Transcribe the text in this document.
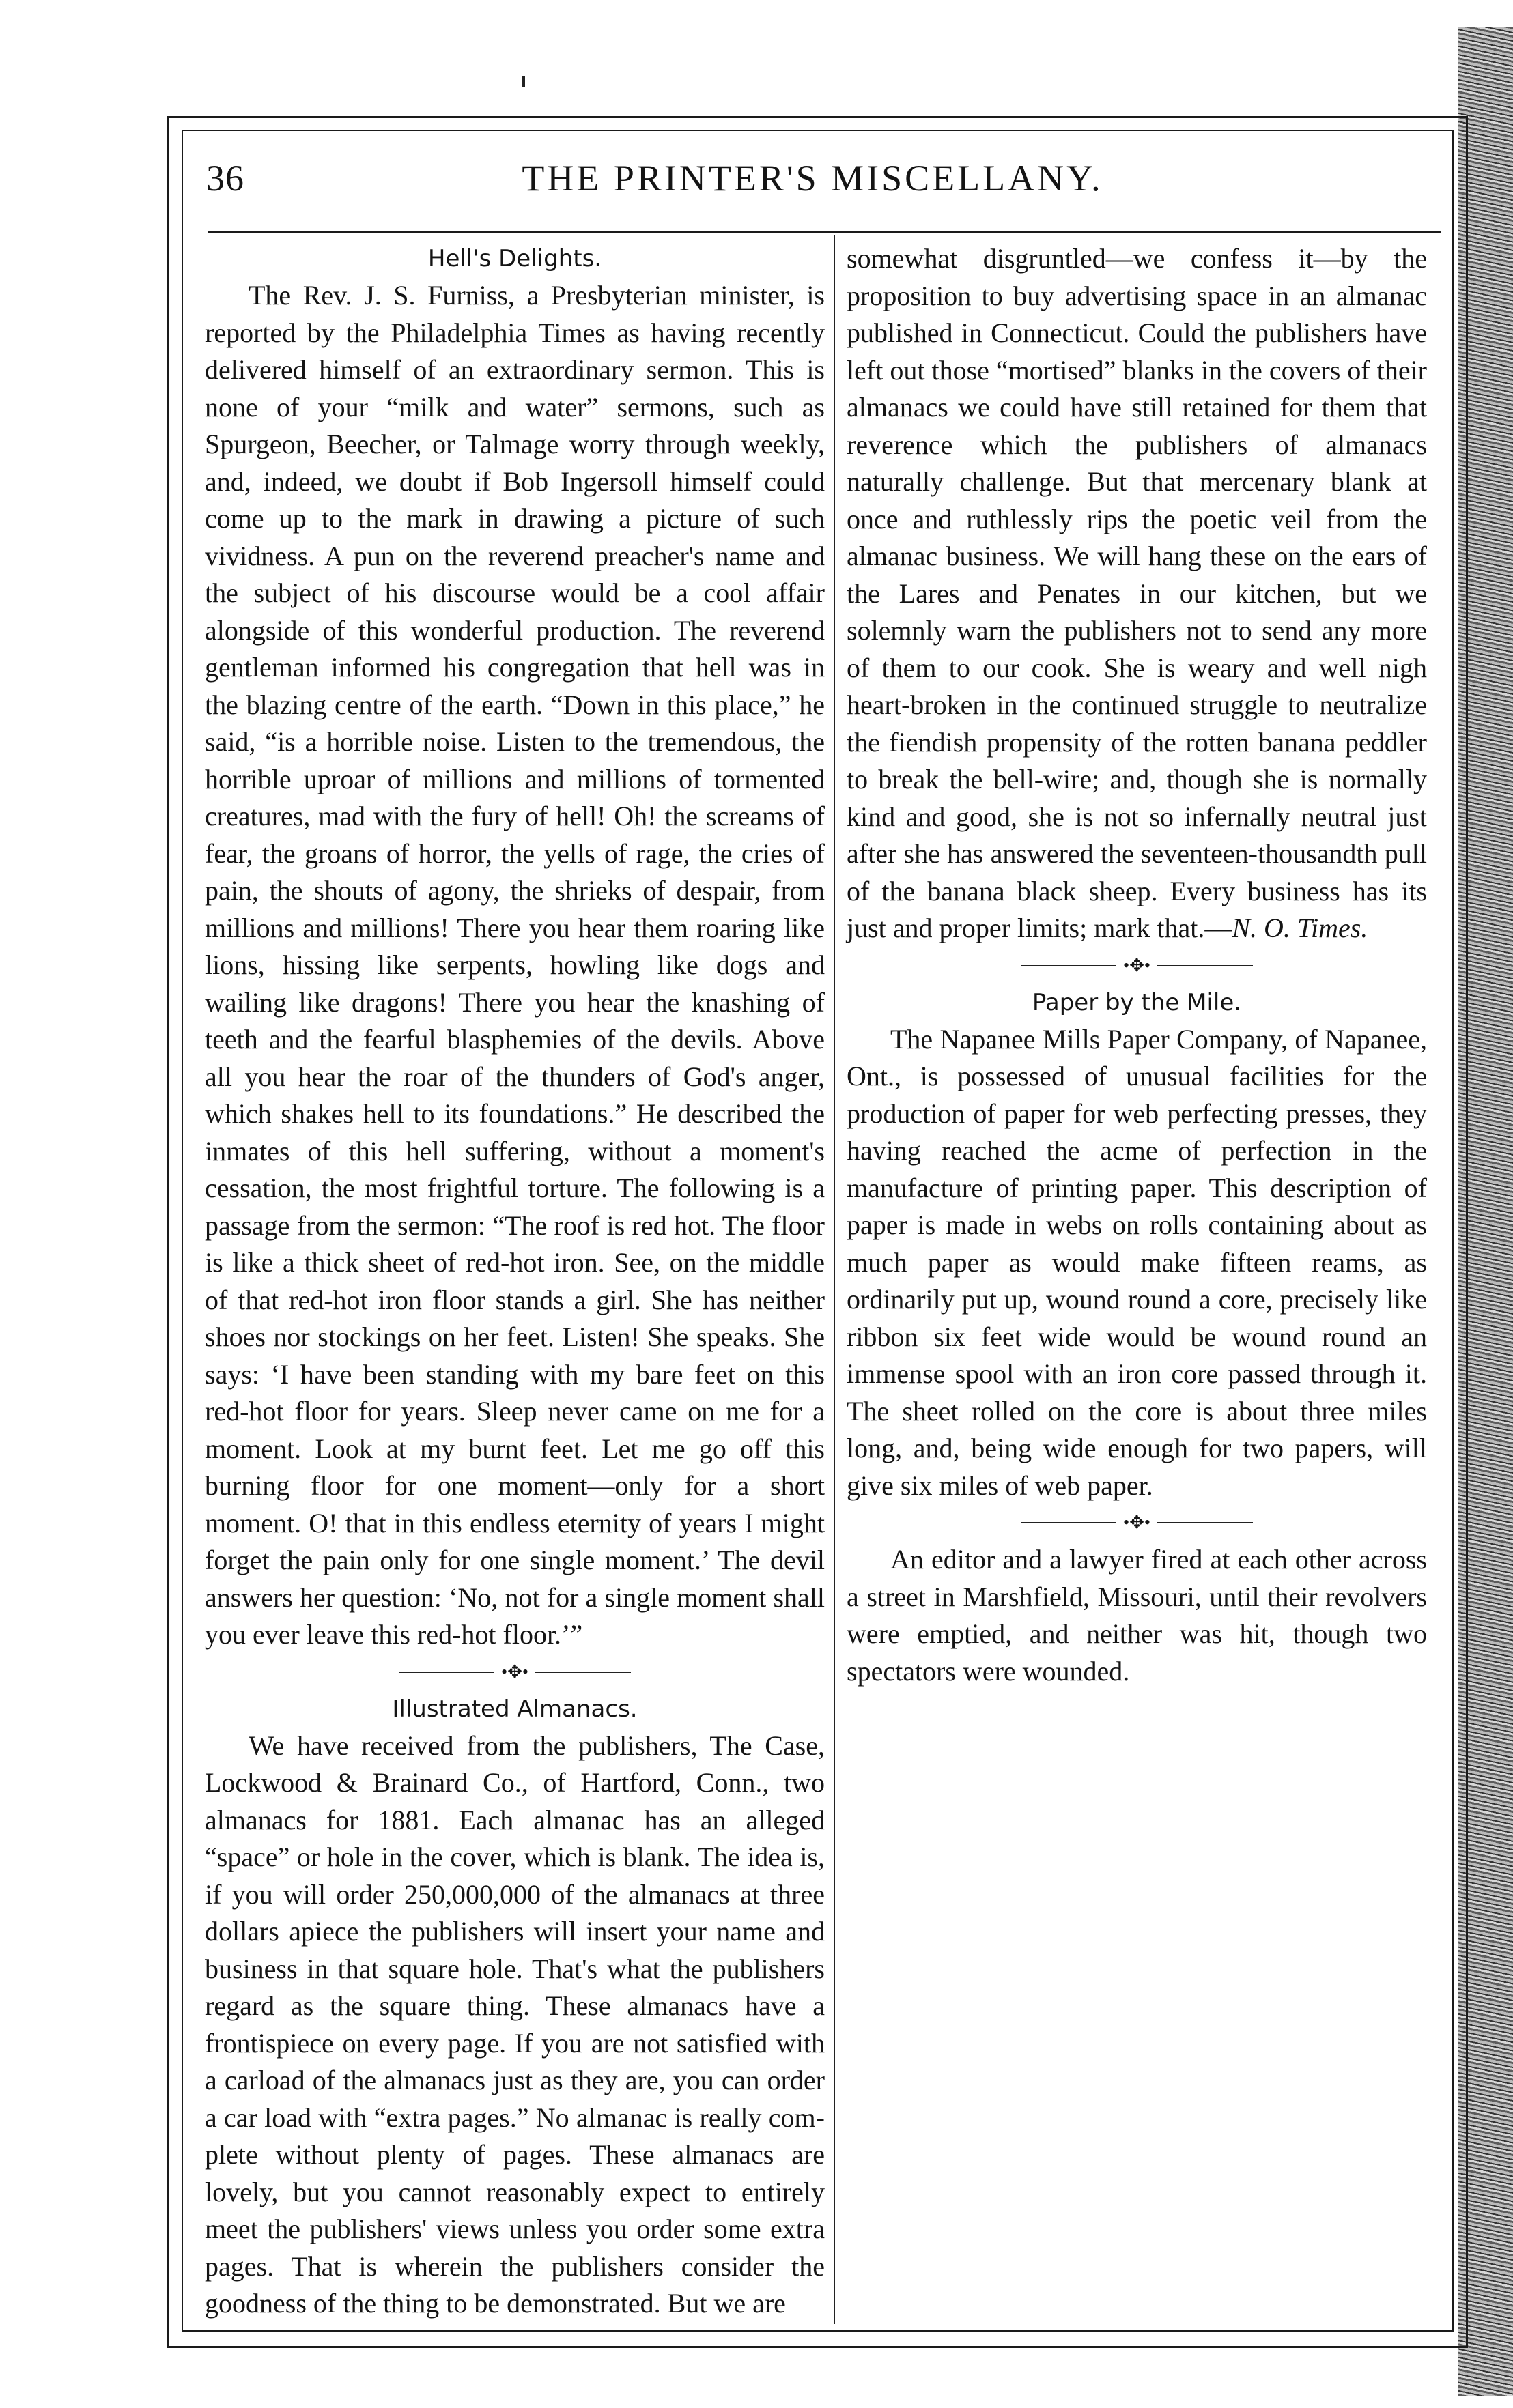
36	THE PRINTER'S MISCELLANY.
Hell's Delights.

The Rev. J. S. Furniss, a Presbyterian minister, is reported by the Philadelphia Times as having recently delivered himself of an extraordinary sermon. This is none of your “milk and water” sermons, such as Spurgeon, Beecher, or Talmage worry through weekly, and, indeed, we doubt if Bob Ingersoll himself could come up to the mark in drawing a picture of such vividness. A pun on the reverend preacher's name and the subject of his discourse would be a cool affair alongside of this wonderful production. The reverend gentleman informed his congregation that hell was in the blazing centre of the earth. “Down in this place,” he said, “is a horrible noise. Listen to the tremendous, the horrible uproar of millions and millions of tormented creatures, mad with the fury of hell! Oh! the screams of fear, the groans of horror, the yells of rage, the cries of pain, the shouts of agony, the shrieks of despair, from millions and millions! There you hear them roaring like lions, hissing like serpents, howling like dogs and wailing like dragons! There you hear the knashing of teeth and the fearful blasphemies of the devils. Above all you hear the roar of the thunders of God's anger, which shakes hell to its foundations.” He described the inmates of this hell suffering, without a moment's cessation, the most frightful torture. The following is a passage from the sermon: “The roof is red hot. The floor is like a thick sheet of red-hot iron. See, on the middle of that red-hot iron floor stands a girl. She has neither shoes nor stockings on her feet. Listen! She speaks. She says: ‘I have been standing with my bare feet on this red-hot floor for years. Sleep never came on me for a moment. Look at my burnt feet. Let me go off this burning floor for one moment—only for a short moment. O! that in this endless eternity of years I might forget the pain only for one single moment.’ The devil answers her question: ‘No, not for a single moment shall you ever leave this red-hot floor.’”

•✥•
Illustrated Almanacs.

We have received from the publishers, The Case, Lockwood & Brainard Co., of Hartford, Conn., two almanacs for 1881. Each almanac has an alleged “space” or hole in the cover, which is blank. The idea is, if you will order 250,000,000 of the almanacs at three dollars apiece the publishers will insert your name and business in that square hole. That's what the publishers regard as the square thing. These almanacs have a frontispiece on every page. If you are not satisfied with a carload of the almanacs just as they are, you can order a car load with “extra pages.” No almanac is really complete without plenty of pages. These almanacs are lovely, but you cannot reasonably expect to entirely meet the publishers' views unless you order some extra pages. That is wherein the publishers consider the goodness of the thing to be demonstrated. But we are

somewhat disgruntled—we confess it—by the proposition to buy advertising space in an almanac published in Connecticut. Could the publishers have left out those “mortised” blanks in the covers of their almanacs we could have still retained for them that reverence which the publishers of almanacs naturally challenge. But that mercenary blank at once and ruthlessly rips the poetic veil from the almanac business. We will hang these on the ears of the Lares and Penates in our kitchen, but we solemnly warn the publishers not to send any more of them to our cook. She is weary and well nigh heart-broken in the continued struggle to neutralize the fiendish propensity of the rotten banana peddler to break the bell-wire; and, though she is normally kind and good, she is not so infernally neutral just after she has answered the seventeen-thousandth pull of the banana black sheep. Every business has its just and proper limits; mark that.—N. O. Times.

•✥•
Paper by the Mile.

The Napanee Mills Paper Company, of Napanee, Ont., is possessed of unusual facilities for the production of paper for web perfecting presses, they having reached the acme of perfection in the manufacture of printing paper. This description of paper is made in webs on rolls containing about as much paper as would make fifteen reams, as ordinarily put up, wound round a core, precisely like ribbon six feet wide would be wound round an immense spool with an iron core passed through it. The sheet rolled on the core is about three miles long, and, being wide enough for two papers, will give six miles of web paper.

•✥•

An editor and a lawyer fired at each other across a street in Marshfield, Missouri, until their revolvers were emptied, and neither was hit, though two spectators were wounded.
